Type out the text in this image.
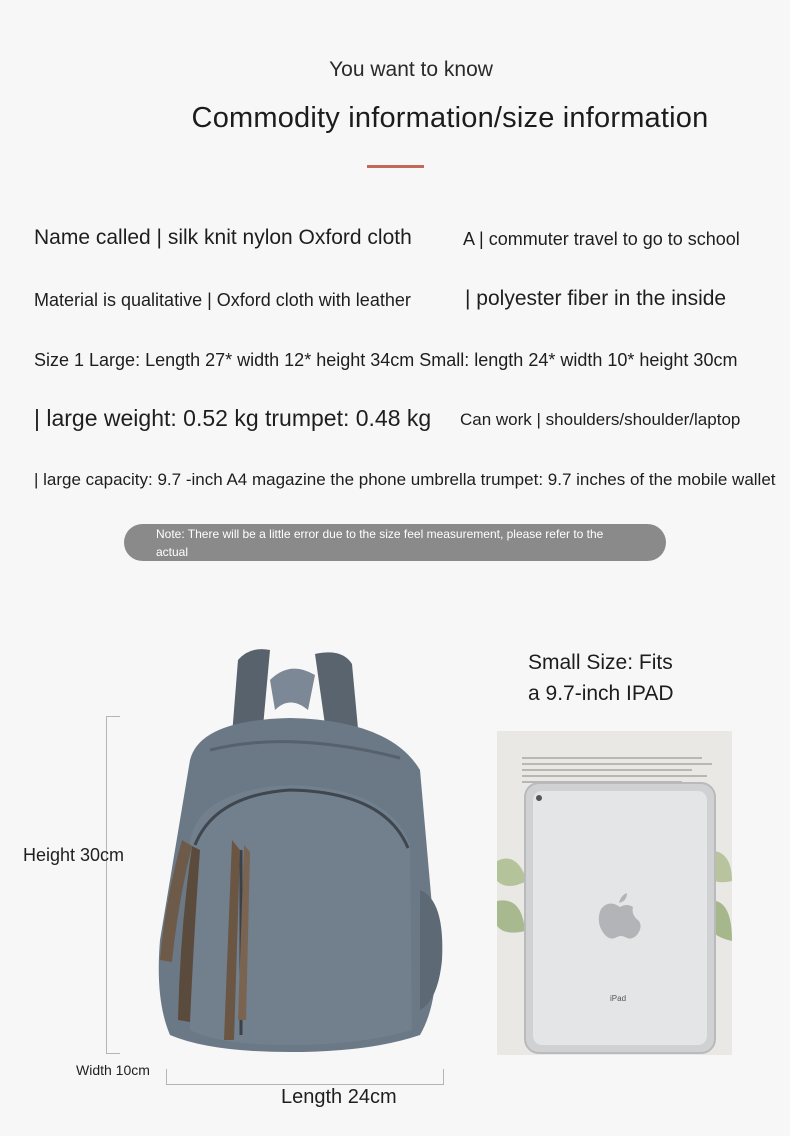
You want to know
Commodity information/size information
Name called | silk knit nylon Oxford cloth	A | commuter travel to go to school
Material is qualitative | Oxford cloth with leather	| polyester fiber in the inside
Size 1 Large: Length 27* width 12* height 34cm Small: length 24* width 10* height 30cm
| large weight: 0.52 kg trumpet: 0.48 kg Can work | shoulders/shoulder/laptop
| large capacity: 9.7 -inch A4 magazine the phone umbrella trumpet: 9.7 inches of the mobile wallet
Note: There will be a little error due to the size feel measurement, please refer to the actual
Height 30cm
Width 10cm
Length 24cm
Small Size: Fits
a 9.7-inch IPAD
iPad
